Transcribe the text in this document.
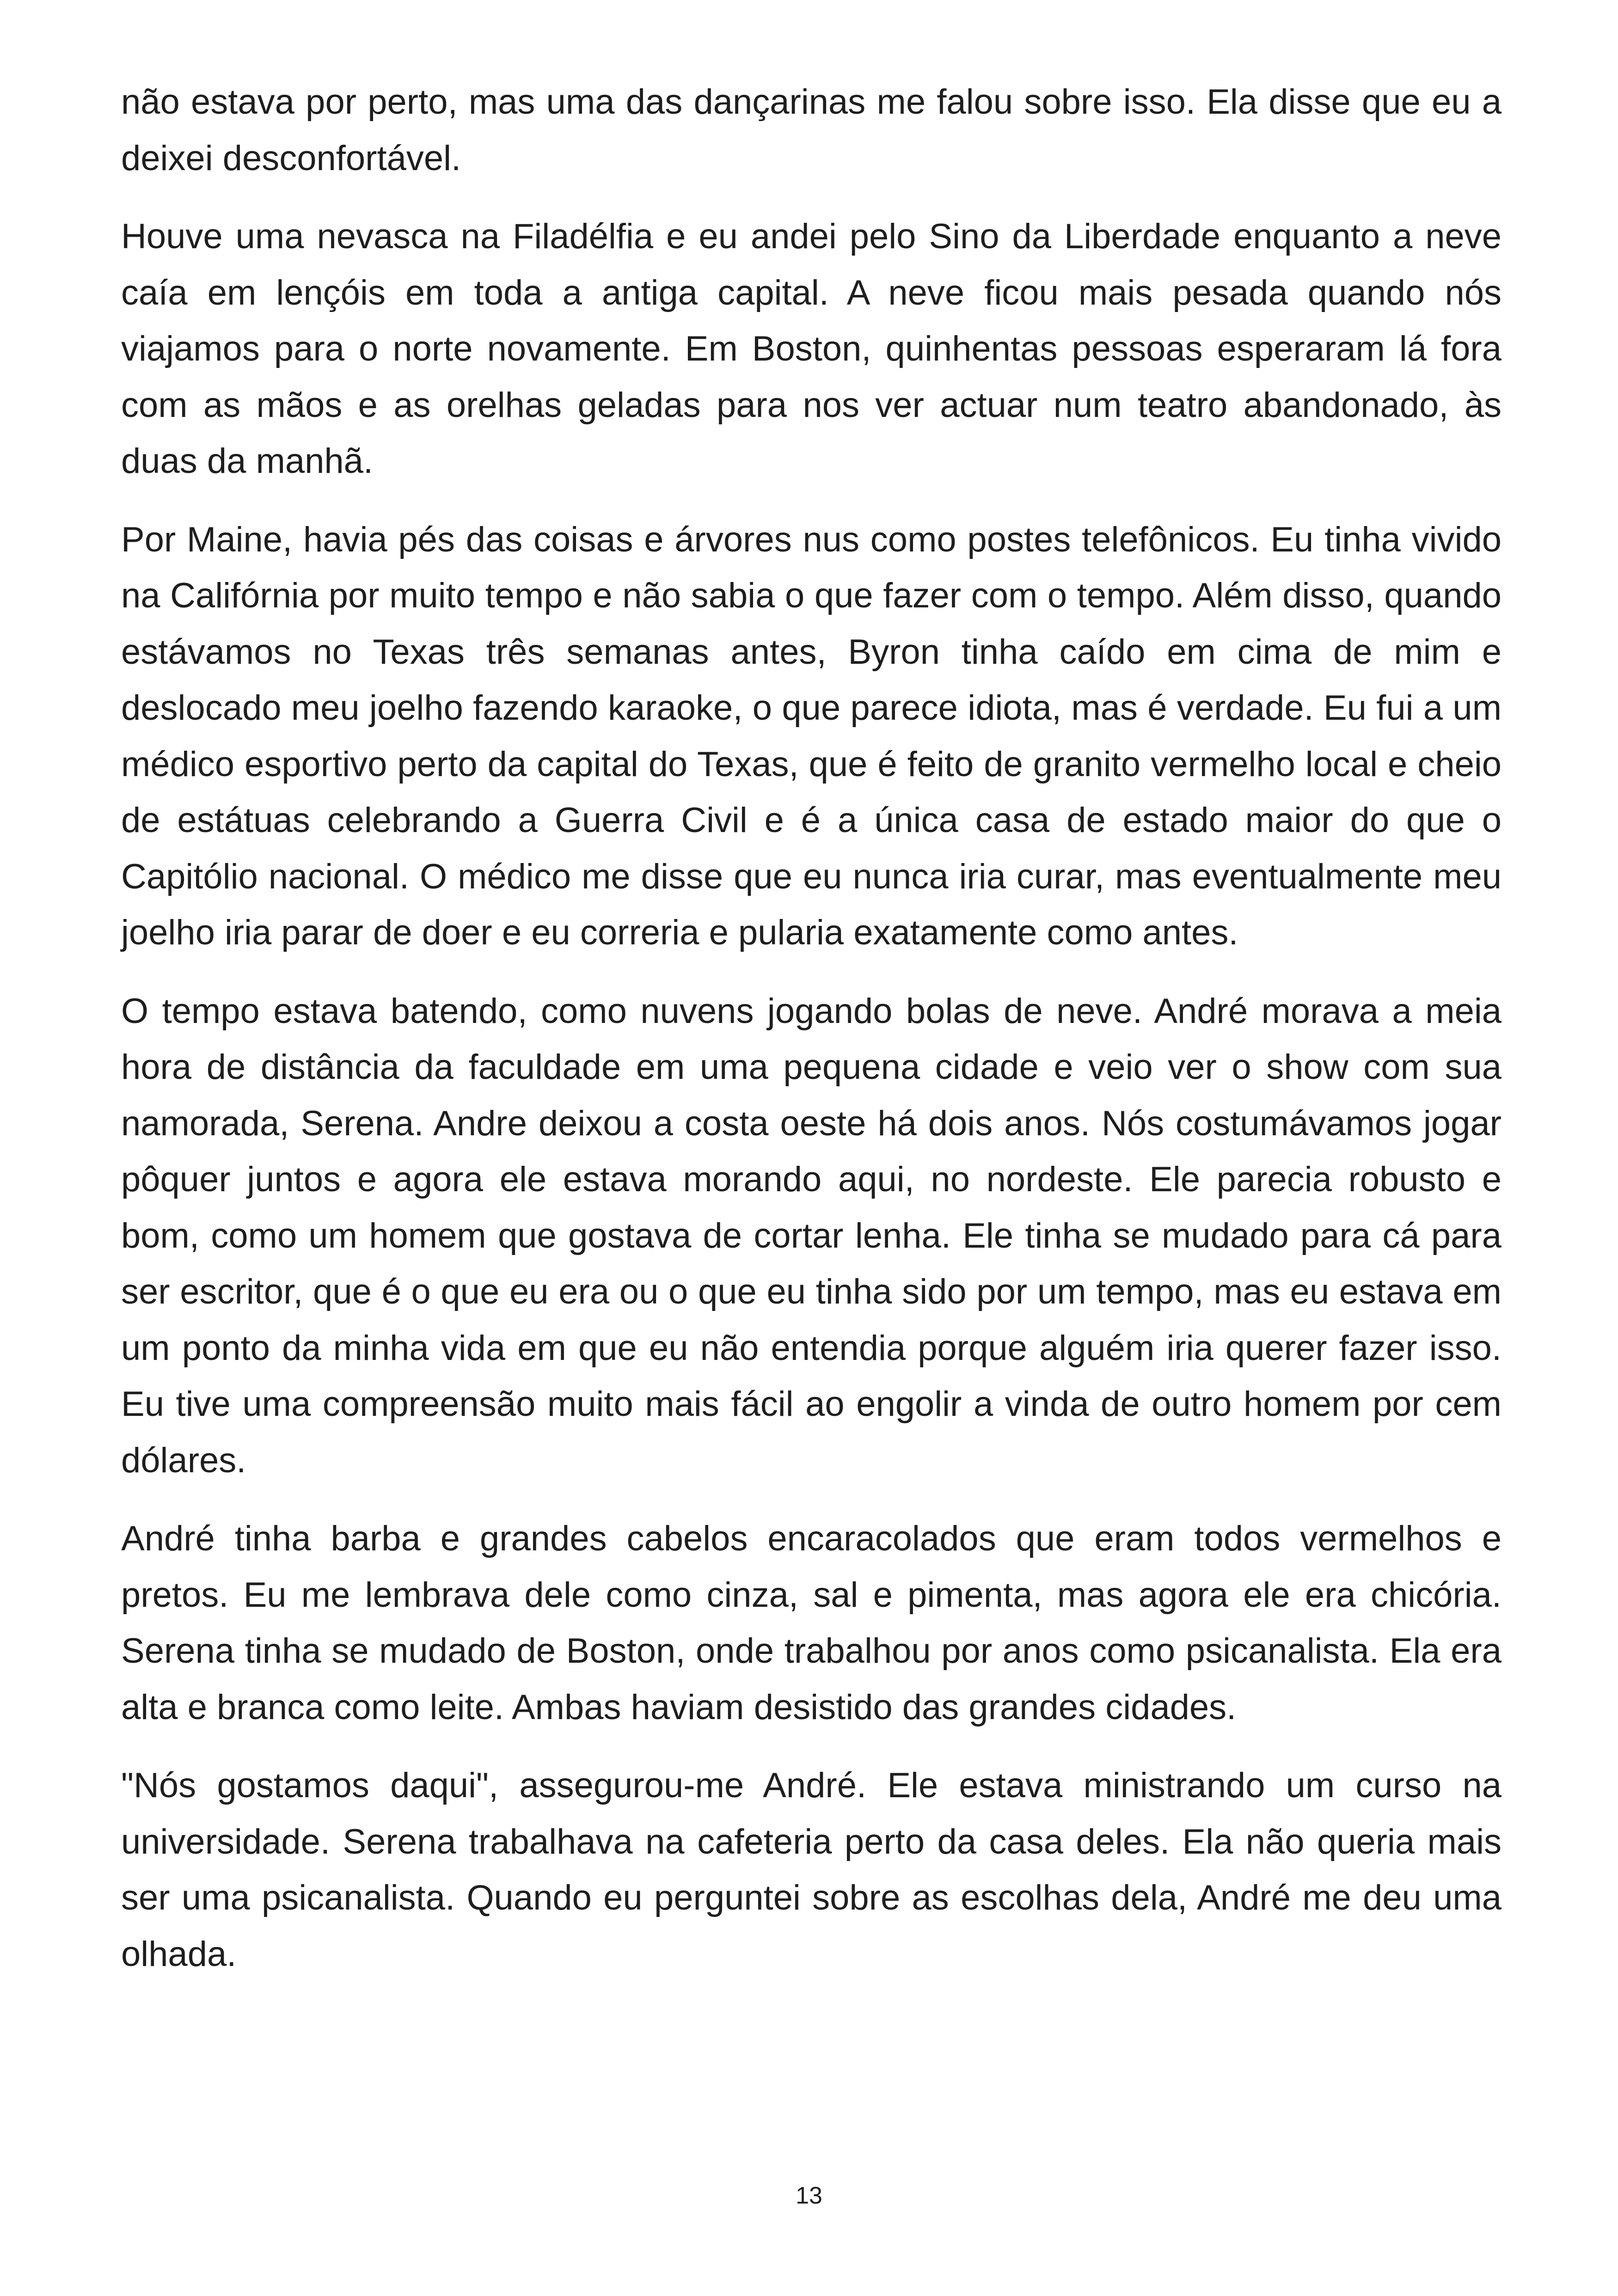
não estava por perto, mas uma das dançarinas me falou sobre isso. Ela disse que eu a deixei desconfortável.

Houve uma nevasca na Filadélfia e eu andei pelo Sino da Liberdade enquanto a neve caía em lençóis em toda a antiga capital. A neve ficou mais pesada quando nós viajamos para o norte novamente. Em Boston, quinhentas pessoas esperaram lá fora com as mãos e as orelhas geladas para nos ver actuar num teatro abandonado, às duas da manhã.

Por Maine, havia pés das coisas e árvores nus como postes telefônicos. Eu tinha vivido na Califórnia por muito tempo e não sabia o que fazer com o tempo. Além disso, quando estávamos no Texas três semanas antes, Byron tinha caído em cima de mim e deslocado meu joelho fazendo karaoke, o que parece idiota, mas é verdade. Eu fui a um médico esportivo perto da capital do Texas, que é feito de granito vermelho local e cheio de estátuas celebrando a Guerra Civil e é a única casa de estado maior do que o Capitólio nacional. O médico me disse que eu nunca iria curar, mas eventualmente meu joelho iria parar de doer e eu correria e pularia exatamente como antes.

O tempo estava batendo, como nuvens jogando bolas de neve. André morava a meia hora de distância da faculdade em uma pequena cidade e veio ver o show com sua namorada, Serena. Andre deixou a costa oeste há dois anos. Nós costumávamos jogar pôquer juntos e agora ele estava morando aqui, no nordeste. Ele parecia robusto e bom, como um homem que gostava de cortar lenha. Ele tinha se mudado para cá para ser escritor, que é o que eu era ou o que eu tinha sido por um tempo, mas eu estava em um ponto da minha vida em que eu não entendia porque alguém iria querer fazer isso. Eu tive uma compreensão muito mais fácil ao engolir a vinda de outro homem por cem dólares.

André tinha barba e grandes cabelos encaracolados que eram todos vermelhos e pretos. Eu me lembrava dele como cinza, sal e pimenta, mas agora ele era chicória. Serena tinha se mudado de Boston, onde trabalhou por anos como psicanalista. Ela era alta e branca como leite. Ambas haviam desistido das grandes cidades.

"Nós gostamos daqui", assegurou-me André. Ele estava ministrando um curso na universidade. Serena trabalhava na cafeteria perto da casa deles. Ela não queria mais ser uma psicanalista. Quando eu perguntei sobre as escolhas dela, André me deu uma olhada.

13
